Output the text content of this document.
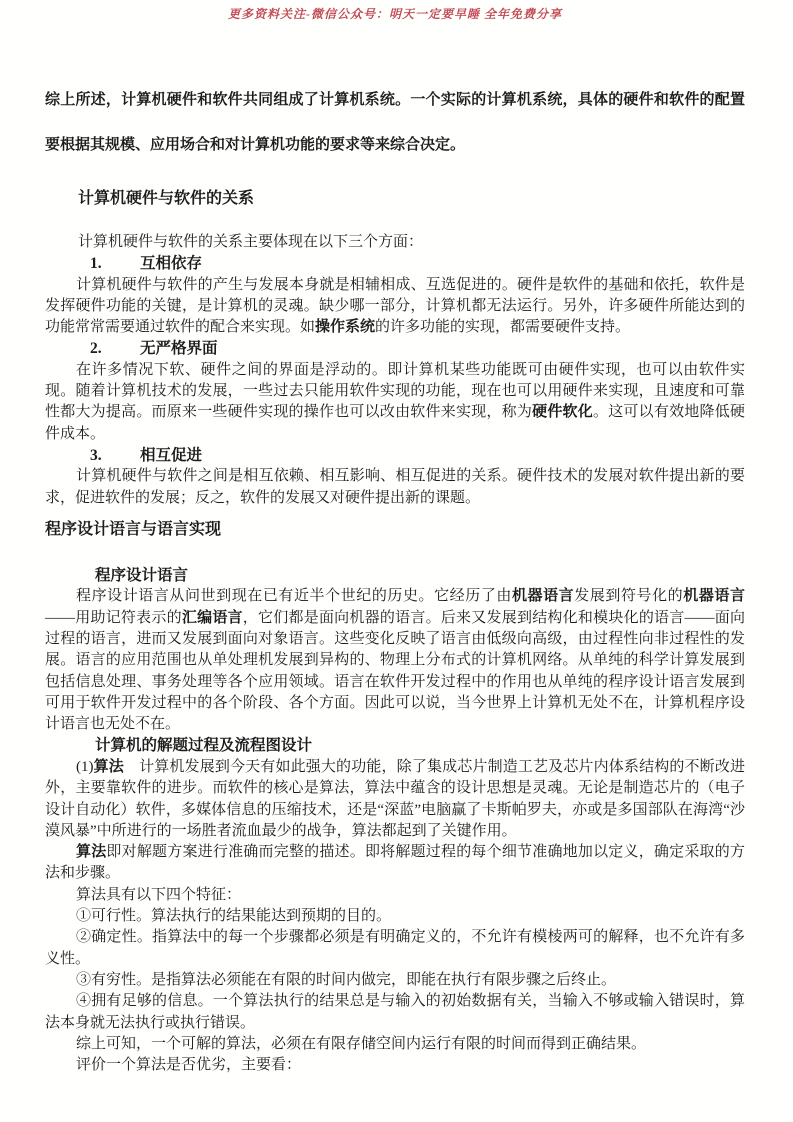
更多资料关注-微信公众号：明天一定要早睡 全年免费分享

综上所述，计算机硬件和软件共同组成了计算机系统。一个实际的计算机系统，具体的硬件和软件的配置要根据其规模、应用场合和对计算机功能的要求等来综合决定。

计算机硬件与软件的关系

计算机硬件与软件的关系主要体现在以下三个方面：

1.	互相依存

计算机硬件与软件的产生与发展本身就是相辅相成、互选促进的。硬件是软件的基础和依托，软件是发挥硬件功能的关键，是计算机的灵魂。缺少哪一部分，计算机都无法运行。另外，许多硬件所能达到的功能常常需要通过软件的配合来实现。如操作系统的许多功能的实现，都需要硬件支持。

2.	无严格界面

在许多情况下软、硬件之间的界面是浮动的。即计算机某些功能既可由硬件实现，也可以由软件实现。随着计算机技术的发展，一些过去只能用软件实现的功能，现在也可以用硬件来实现，且速度和可靠性都大为提高。而原来一些硬件实现的操作也可以改由软件来实现，称为硬件软化。这可以有效地降低硬件成本。

3.	相互促进

计算机硬件与软件之间是相互依赖、相互影响、相互促进的关系。硬件技术的发展对软件提出新的要求，促进软件的发展；反之，软件的发展又对硬件提出新的课题。

程序设计语言与语言实现
程序设计语言

程序设计语言从问世到现在已有近半个世纪的历史。它经历了由机器语言发展到符号化的机器语言——用助记符表示的汇编语言，它们都是面向机器的语言。后来又发展到结构化和模块化的语言——面向过程的语言，进而又发展到面向对象语言。这些变化反映了语言由低级向高级，由过程性向非过程性的发展。语言的应用范围也从单处理机发展到异构的、物理上分布式的计算机网络。从单纯的科学计算发展到包括信息处理、事务处理等各个应用领域。语言在软件开发过程中的作用也从单纯的程序设计语言发展到可用于软件开发过程中的各个阶段、各个方面。因此可以说，当今世界上计算机无处不在，计算机程序设计语言也无处不在。

计算机的解题过程及流程图设计

(1)算法　计算机发展到今天有如此强大的功能，除了集成芯片制造工艺及芯片内体系结构的不断改进外，主要靠软件的进步。而软件的核心是算法，算法中蕴含的设计思想是灵魂。无论是制造芯片的（电子设计自动化）软件，多媒体信息的压缩技术，还是“深蓝”电脑赢了卡斯帕罗夫，亦或是多国部队在海湾“沙漠风暴”中所进行的一场胜者流血最少的战争，算法都起到了关键作用。

算法即对解题方案进行准确而完整的描述。即将解题过程的每个细节准确地加以定义，确定采取的方法和步骤。

算法具有以下四个特征：

①可行性。算法执行的结果能达到预期的目的。

②确定性。指算法中的每一个步骤都必须是有明确定义的，不允许有模棱两可的解释，也不允许有多义性。

③有穷性。是指算法必须能在有限的时间内做完，即能在执行有限步骤之后终止。

④拥有足够的信息。一个算法执行的结果总是与输入的初始数据有关，当输入不够或输入错误时，算法本身就无法执行或执行错误。

综上可知，一个可解的算法，必须在有限存储空间内运行有限的时间而得到正确结果。

评价一个算法是否优劣，主要看：
